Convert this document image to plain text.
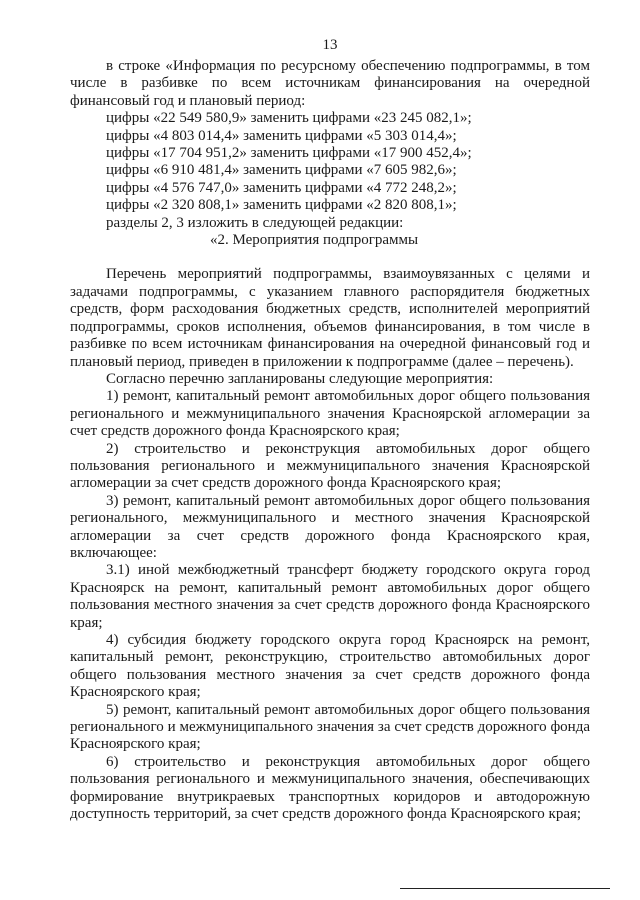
13

в строке «Информация по ресурсному обеспечению подпрограммы, в том числе в разбивке по всем источникам финансирования на очередной финансовый год и плановый период:

цифры «22 549 580,9» заменить цифрами «23 245 082,1»;

цифры «4 803 014,4» заменить цифрами «5 303 014,4»;

цифры «17 704 951,2» заменить цифрами «17 900 452,4»;

цифры «6 910 481,4» заменить цифрами «7 605 982,6»;

цифры «4 576 747,0» заменить цифрами «4 772 248,2»;

цифры «2 320 808,1» заменить цифрами «2 820 808,1»;

разделы 2, 3 изложить в следующей редакции:

«2. Мероприятия подпрограммы

Перечень мероприятий подпрограммы, взаимоувязанных с целями и задачами подпрограммы, с указанием главного распорядителя бюджетных средств, форм расходования бюджетных средств, исполнителей мероприятий подпрограммы, сроков исполнения, объемов финансирования, в том числе в разбивке по всем источникам финансирования на очередной финансовый год и плановый период, приведен в приложении к подпрограмме (далее – перечень).

Согласно перечню запланированы следующие мероприятия:

1) ремонт, капитальный ремонт автомобильных дорог общего пользования регионального и межмуниципального значения Красноярской агломерации за счет средств дорожного фонда Красноярского края;

2) строительство и реконструкция автомобильных дорог общего пользования регионального и межмуниципального значения Красноярской агломерации за счет средств дорожного фонда Красноярского края;

3) ремонт, капитальный ремонт автомобильных дорог общего пользования регионального, межмуниципального и местного значения Красноярской агломерации за счет средств дорожного фонда Красноярского края, включающее:

3.1) иной межбюджетный трансферт бюджету городского округа город Красноярск на ремонт, капитальный ремонт автомобильных дорог общего пользования местного значения за счет средств дорожного фонда Красноярского края;

4) субсидия бюджету городского округа город Красноярск на ремонт, капитальный ремонт, реконструкцию, строительство автомобильных дорог общего пользования местного значения за счет средств дорожного фонда Красноярского края;

5) ремонт, капитальный ремонт автомобильных дорог общего пользования регионального и межмуниципального значения за счет средств дорожного фонда Красноярского края;

6) строительство и реконструкция автомобильных дорог общего пользования регионального и межмуниципального значения, обеспечивающих формирование внутрикраевых транспортных коридоров и автодорожную доступность территорий, за счет средств дорожного фонда Красноярского края;
